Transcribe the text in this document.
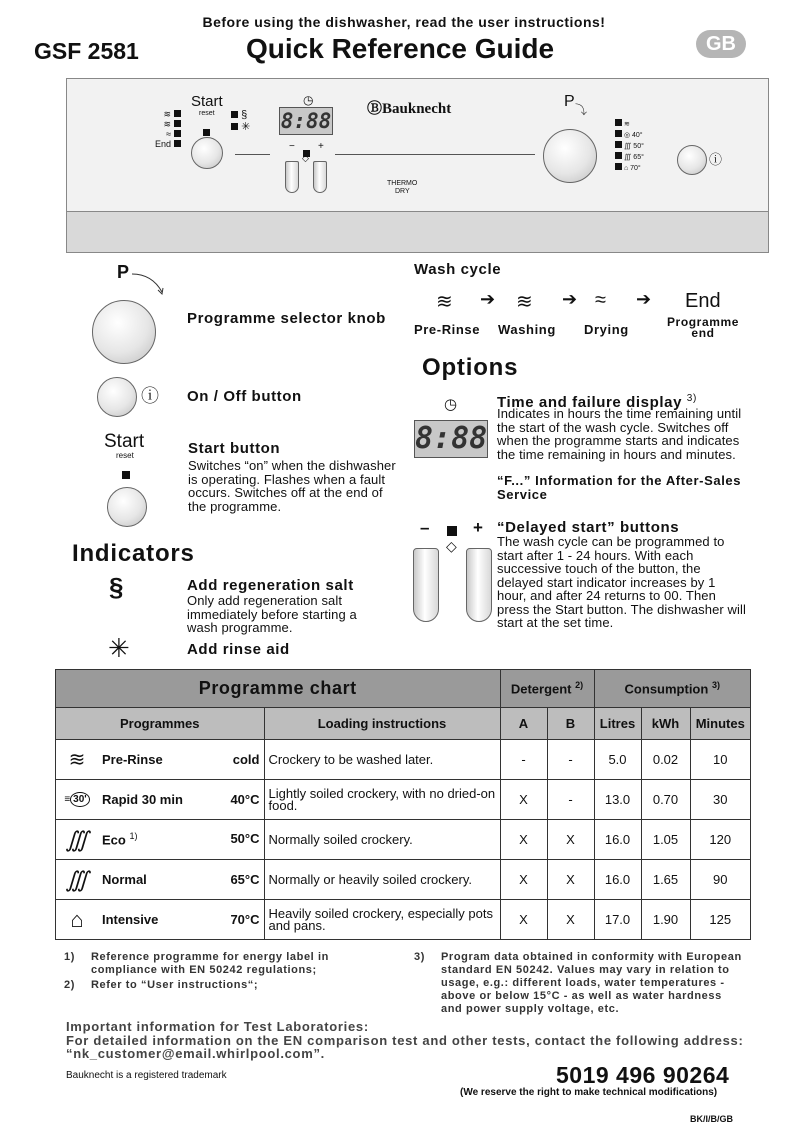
Before using the dishwasher, read the user instructions!
GSF 2581	Quick Reference Guide	GB
≋
≋
≈
End
Start
reset	§
✳
◷
8:88
− +
◇
ⒷBauknecht
THERMO
DRY
P ⤵
≋
◎ 40°
∭ 50°
∭ 65°
⌂ 70°
ⓘ
P
Programme selector knob
ⓘ On / Off button
Start
reset	Start button
Switches “on” when the dishwasher is operating. Flashes when a fault occurs. Switches off at the end of the programme.
Indicators
§	Add regeneration salt
Only add regeneration salt immediately before starting a wash programme.
✳	Add rinse aid
Wash cycle
≋ ➔ ≋ ➔ ≈ ➔ End
Pre-Rinse Washing Drying	Programme
end
Options
◷
8:88
Time and failure display $^{3)}$
Indicates in hours the time remaining until the start of the wash cycle. Switches off when the programme starts and indicates the time remaining in hours and minutes.
“F...” Information for the After-Sales Service
–	+
◇
“Delayed start” buttons
The wash cycle can be programmed to start after 1 - 24 hours. With each successive touch of the button, the delayed start indicator increases by 1 hour, and after 24 returns to 00. Then press the Start button. The dishwasher will start at the set time.
Programme chart			Detergent $^{2)}$		Consumption $^{3)}$
Programmes		Loading instructions	A	B	Litres	kWh	Minutes
≋	Pre-Rinse cold	Crockery to be washed later.	-	-	5.0	0.02	10
≡ 30'	Rapid 30 min 40°C	Lightly soiled crockery, with no dried-on food.	X	-	13.0	0.70	30
∭	Eco $^{1)}$ 50°C	Normally soiled crockery.	X	X	16.0	1.05	120
∭	Normal 65°C	Normally or heavily soiled crockery.	X	X	16.0	1.65	90
⌂	Intensive 70°C	Heavily soiled crockery, especially pots and pans.	X	X	17.0	1.90	125
1) Reference programme for energy label in compliance with EN 50242 regulations;
2) Refer to “User instructions“;
3) Program data obtained in conformity with European standard EN 50242. Values may vary in relation to usage, e.g.: different loads, water temperatures - above or below 15°C - as well as water hardness and power supply voltage, etc.
Important information for Test Laboratories:
For detailed information on the EN comparison test and other tests, contact the following address:
“nk_customer@email.whirlpool.com”.
Bauknecht is a registered trademark	5019 496 90264
(We reserve the right to make technical modifications)
BK/I/B/GB
